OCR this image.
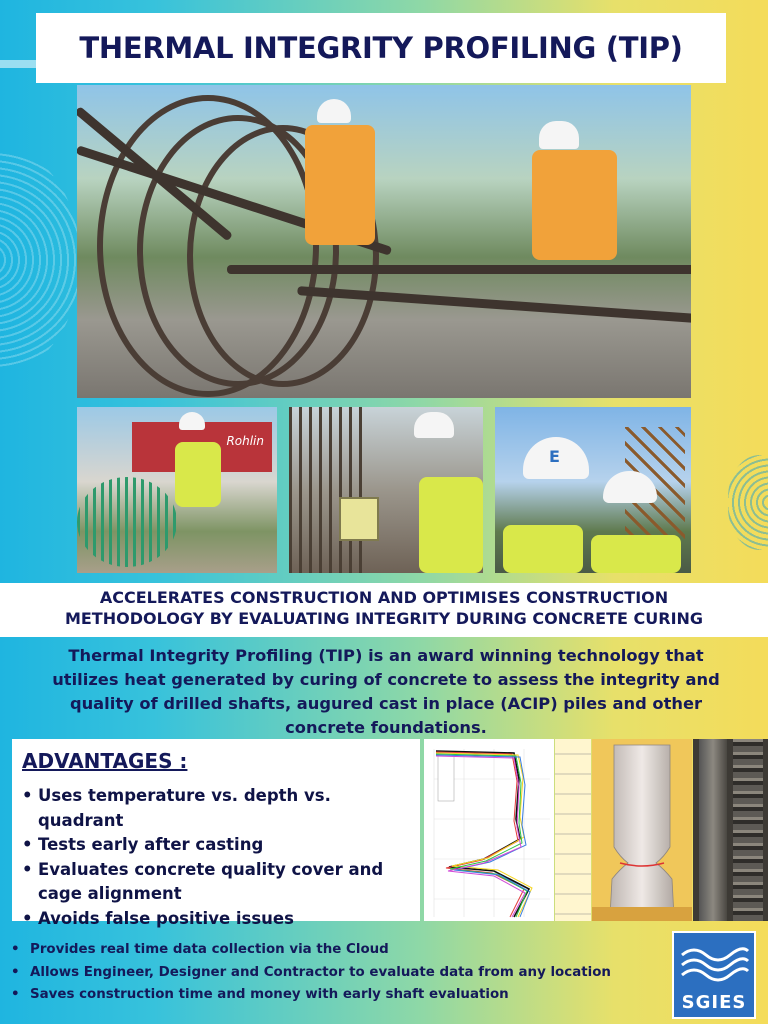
THERMAL INTEGRITY PROFILING (TIP)
Rohlin
E
ACCELERATES CONSTRUCTION AND OPTIMISES CONSTRUCTION
METHODOLOGY BY EVALUATING INTEGRITY DURING CONCRETE CURING
Thermal Integrity Profiling (TIP) is an award winning technology that utilizes heat generated by curing of concrete to assess the integrity and quality of drilled shafts, augured cast in place (ACIP) piles and other concrete foundations.
ADVANTAGES :
• Uses temperature vs. depth vs. quadrant
• Tests early after casting
• Evaluates concrete quality cover and cage alignment
• Avoids false positive issues
• Provides real time data collection via the Cloud
• Allows Engineer, Designer and Contractor to evaluate data from any location
• Saves construction time and money with early shaft evaluation	SGIES
